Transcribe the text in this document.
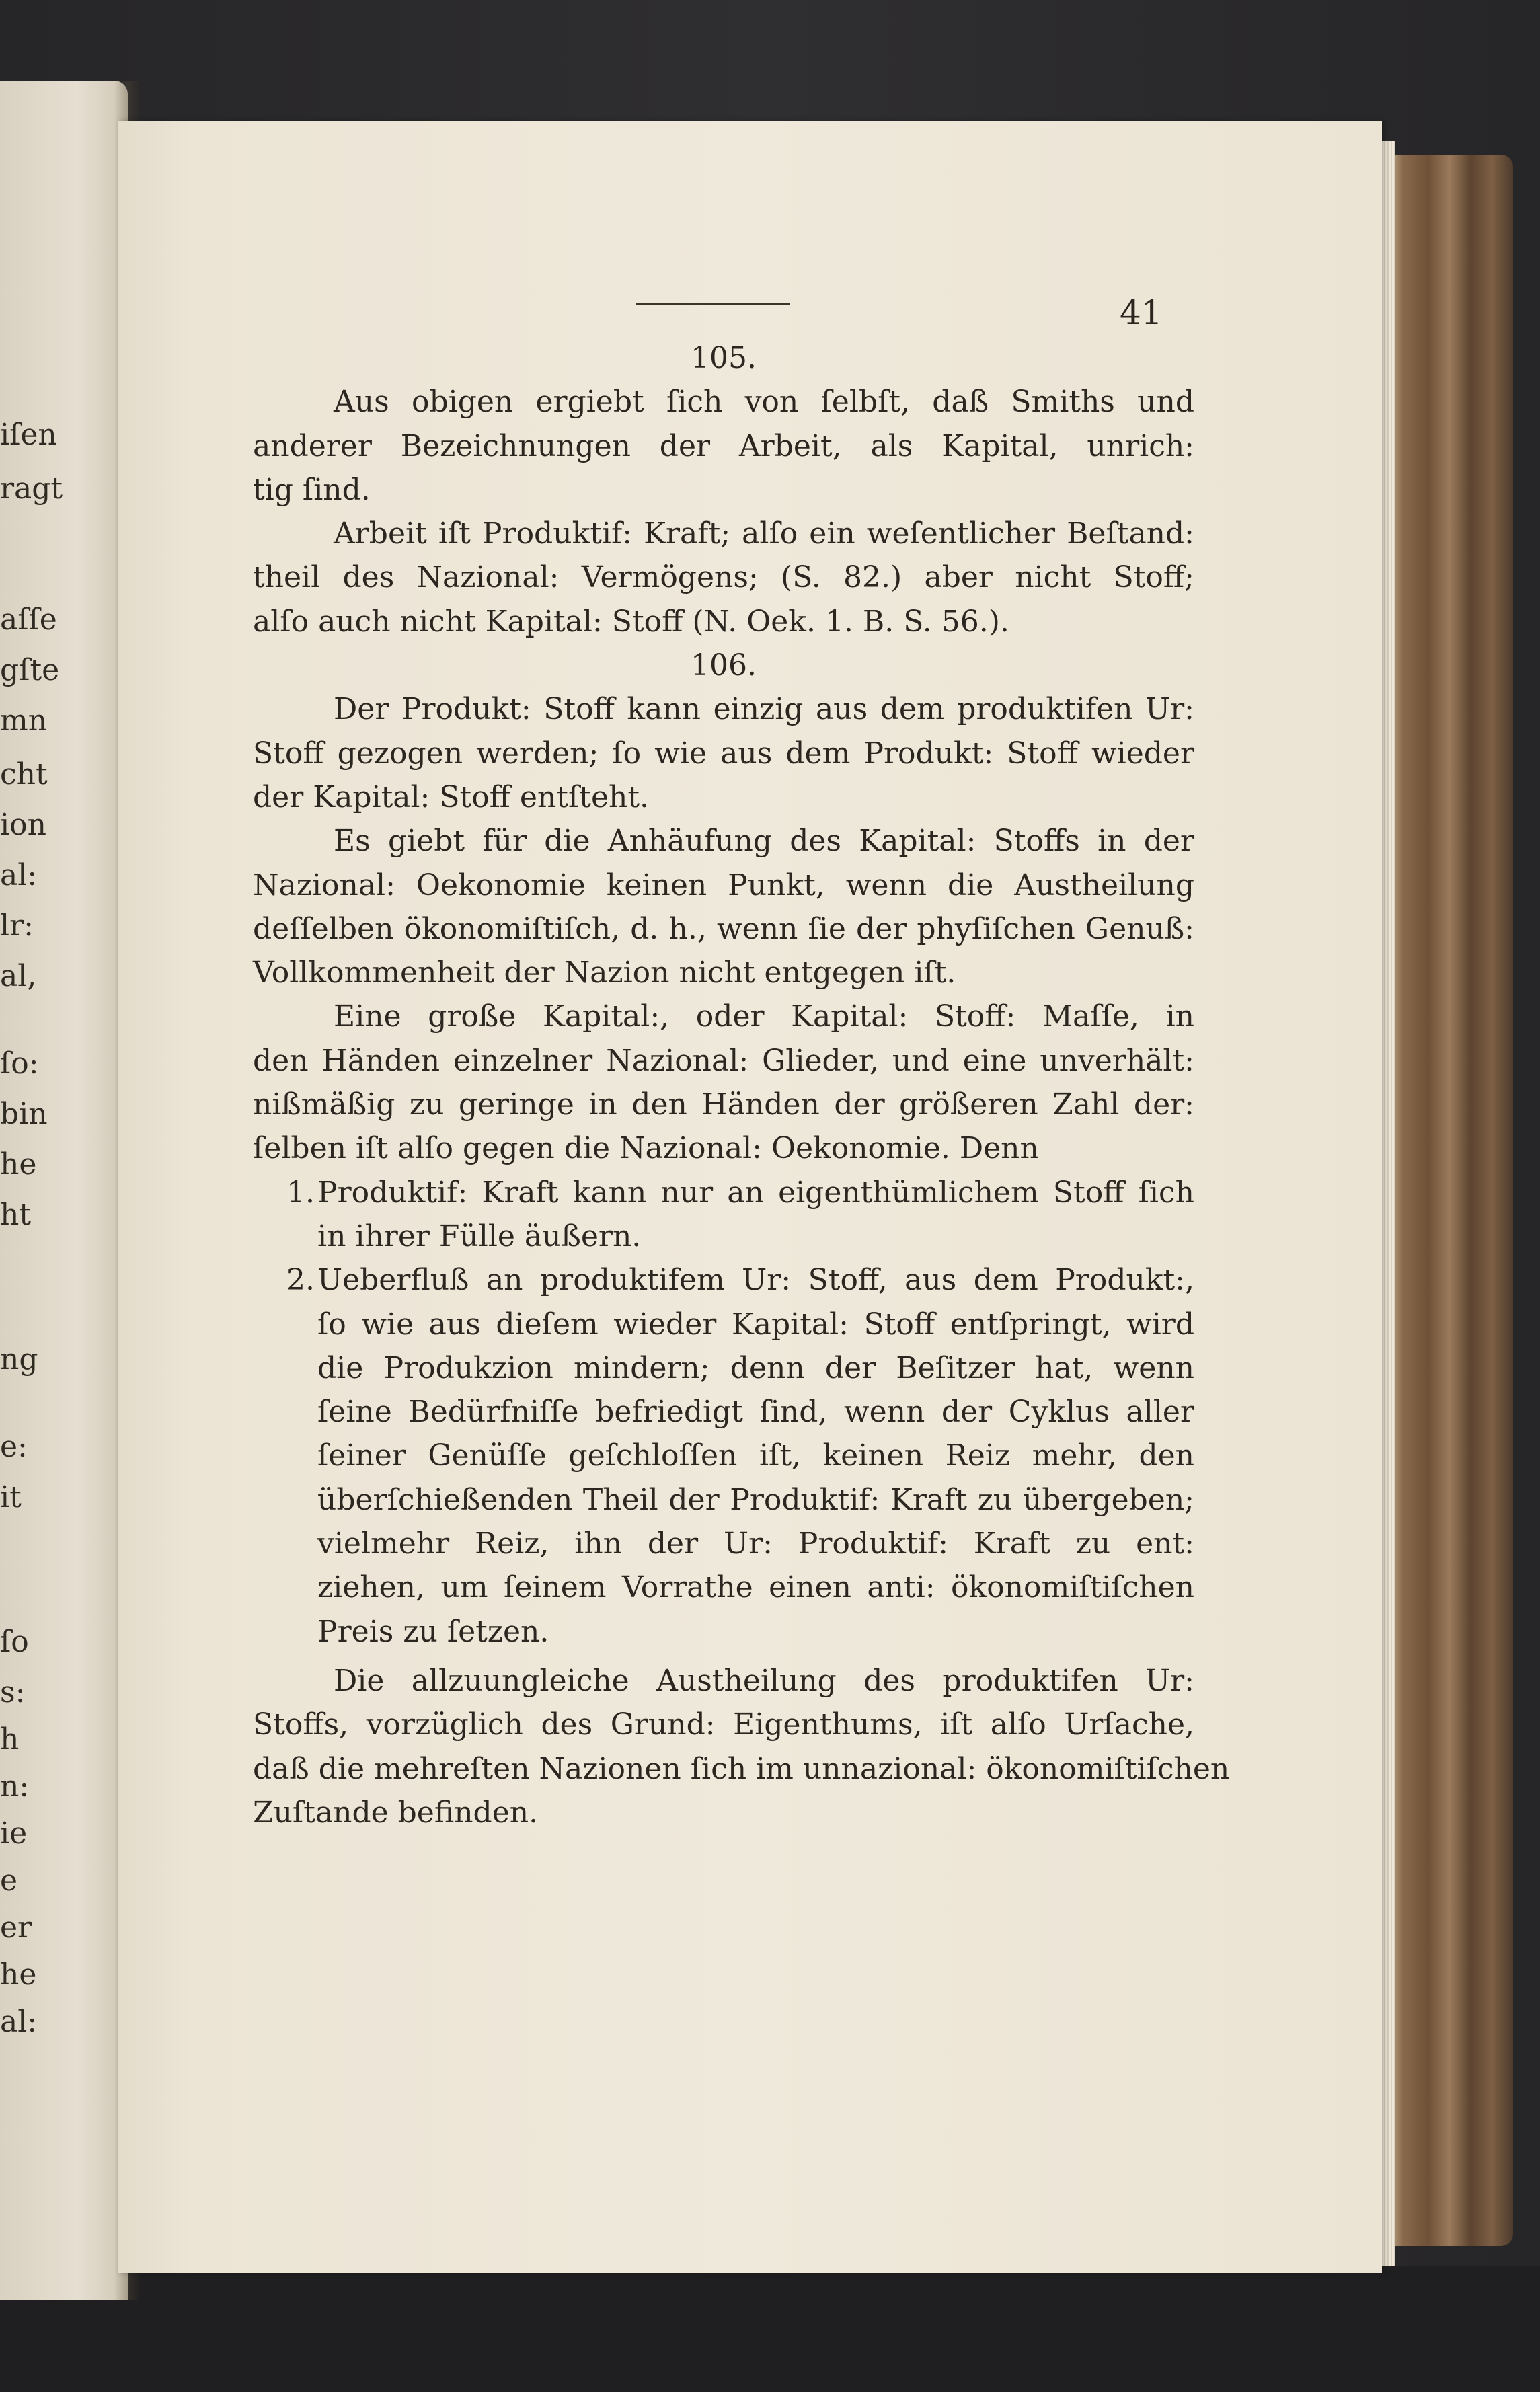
iſen
ragt
aſſe
gſte
mn
cht
ion
al:
lr:
al,
ſo:
bin
he
ht
ng
e:
it
ſo
s:
h
n:
ie
e
er
he
al:
41

105.

Aus obigen ergiebt ſich von ſelbſt, daß Smiths und
anderer Bezeichnungen der Arbeit, als Kapital, unrich:
tig ſind.

Arbeit iſt Produktif: Kraft; alſo ein weſentlicher Beſtand:
theil des Nazional: Vermögens; (S. 82.) aber nicht Stoff;
alſo auch nicht Kapital: Stoff (N. Oek. 1. B. S. 56.).

106.

Der Produkt: Stoff kann einzig aus dem produktifen Ur:
Stoff gezogen werden; ſo wie aus dem Produkt: Stoff wieder
der Kapital: Stoff entſteht.

Es giebt für die Anhäufung des Kapital: Stoffs in der
Nazional: Oekonomie keinen Punkt, wenn die Austheilung
deſſelben ökonomiſtiſch, d. h., wenn ſie der phyſiſchen Genuß:
Vollkommenheit der Nazion nicht entgegen iſt.

Eine große Kapital:, oder Kapital: Stoff: Maſſe, in
den Händen einzelner Nazional: Glieder, und eine unverhält:
nißmäßig zu geringe in den Händen der größeren Zahl der:
ſelben iſt alſo gegen die Nazional: Oekonomie. Denn

1. Produktif: Kraft kann nur an eigenthümlichem Stoff ſich
in ihrer Fülle äußern.
2. Ueberfluß an produktifem Ur: Stoff, aus dem Produkt:,
ſo wie aus dieſem wieder Kapital: Stoff entſpringt, wird
die Produkzion mindern; denn der Beſitzer hat, wenn
ſeine Bedürfniſſe befriedigt ſind, wenn der Cyklus aller
ſeiner Genüſſe geſchloſſen iſt, keinen Reiz mehr, den
überſchießenden Theil der Produktif: Kraft zu übergeben;
vielmehr Reiz, ihn der Ur: Produktif: Kraft zu ent:
ziehen, um ſeinem Vorrathe einen anti: ökonomiſtiſchen
Preis zu ſetzen.

Die allzuungleiche Austheilung des produktifen Ur:
Stoffs, vorzüglich des Grund: Eigenthums, iſt alſo Urſache,
daß die mehreſten Nazionen ſich im unnazional: ökonomiſtiſchen
Zuſtande befinden.
